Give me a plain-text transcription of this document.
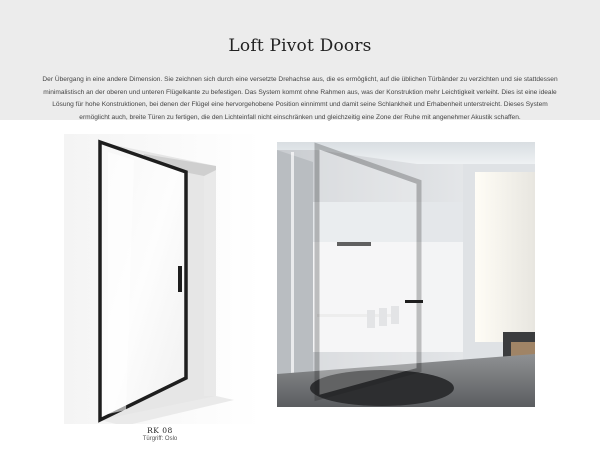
Loft Pivot Doors
Der Übergang in eine andere Dimension. Sie zeichnen sich durch eine versetzte Drehachse aus, die es ermöglicht, auf die üblichen Türbänder zu verzichten und sie stattdessen
minimalistisch an der oberen und unteren Flügelkante zu befestigen. Das System kommt ohne Rahmen aus, was der Konstruktion mehr Leichtigkeit verleiht. Dies ist eine ideale
Lösung für hohe Konstruktionen, bei denen der Flügel eine hervorgehobene Position einnimmt und damit seine Schlankheit und Erhabenheit unterstreicht. Dieses System
ermöglicht auch, breite Türen zu fertigen, die den Lichteinfall nicht einschränken und gleichzeitig eine Zone der Ruhe mit angenehmer Akustik schaffen.
RK 08
Türgriff: Oslo
